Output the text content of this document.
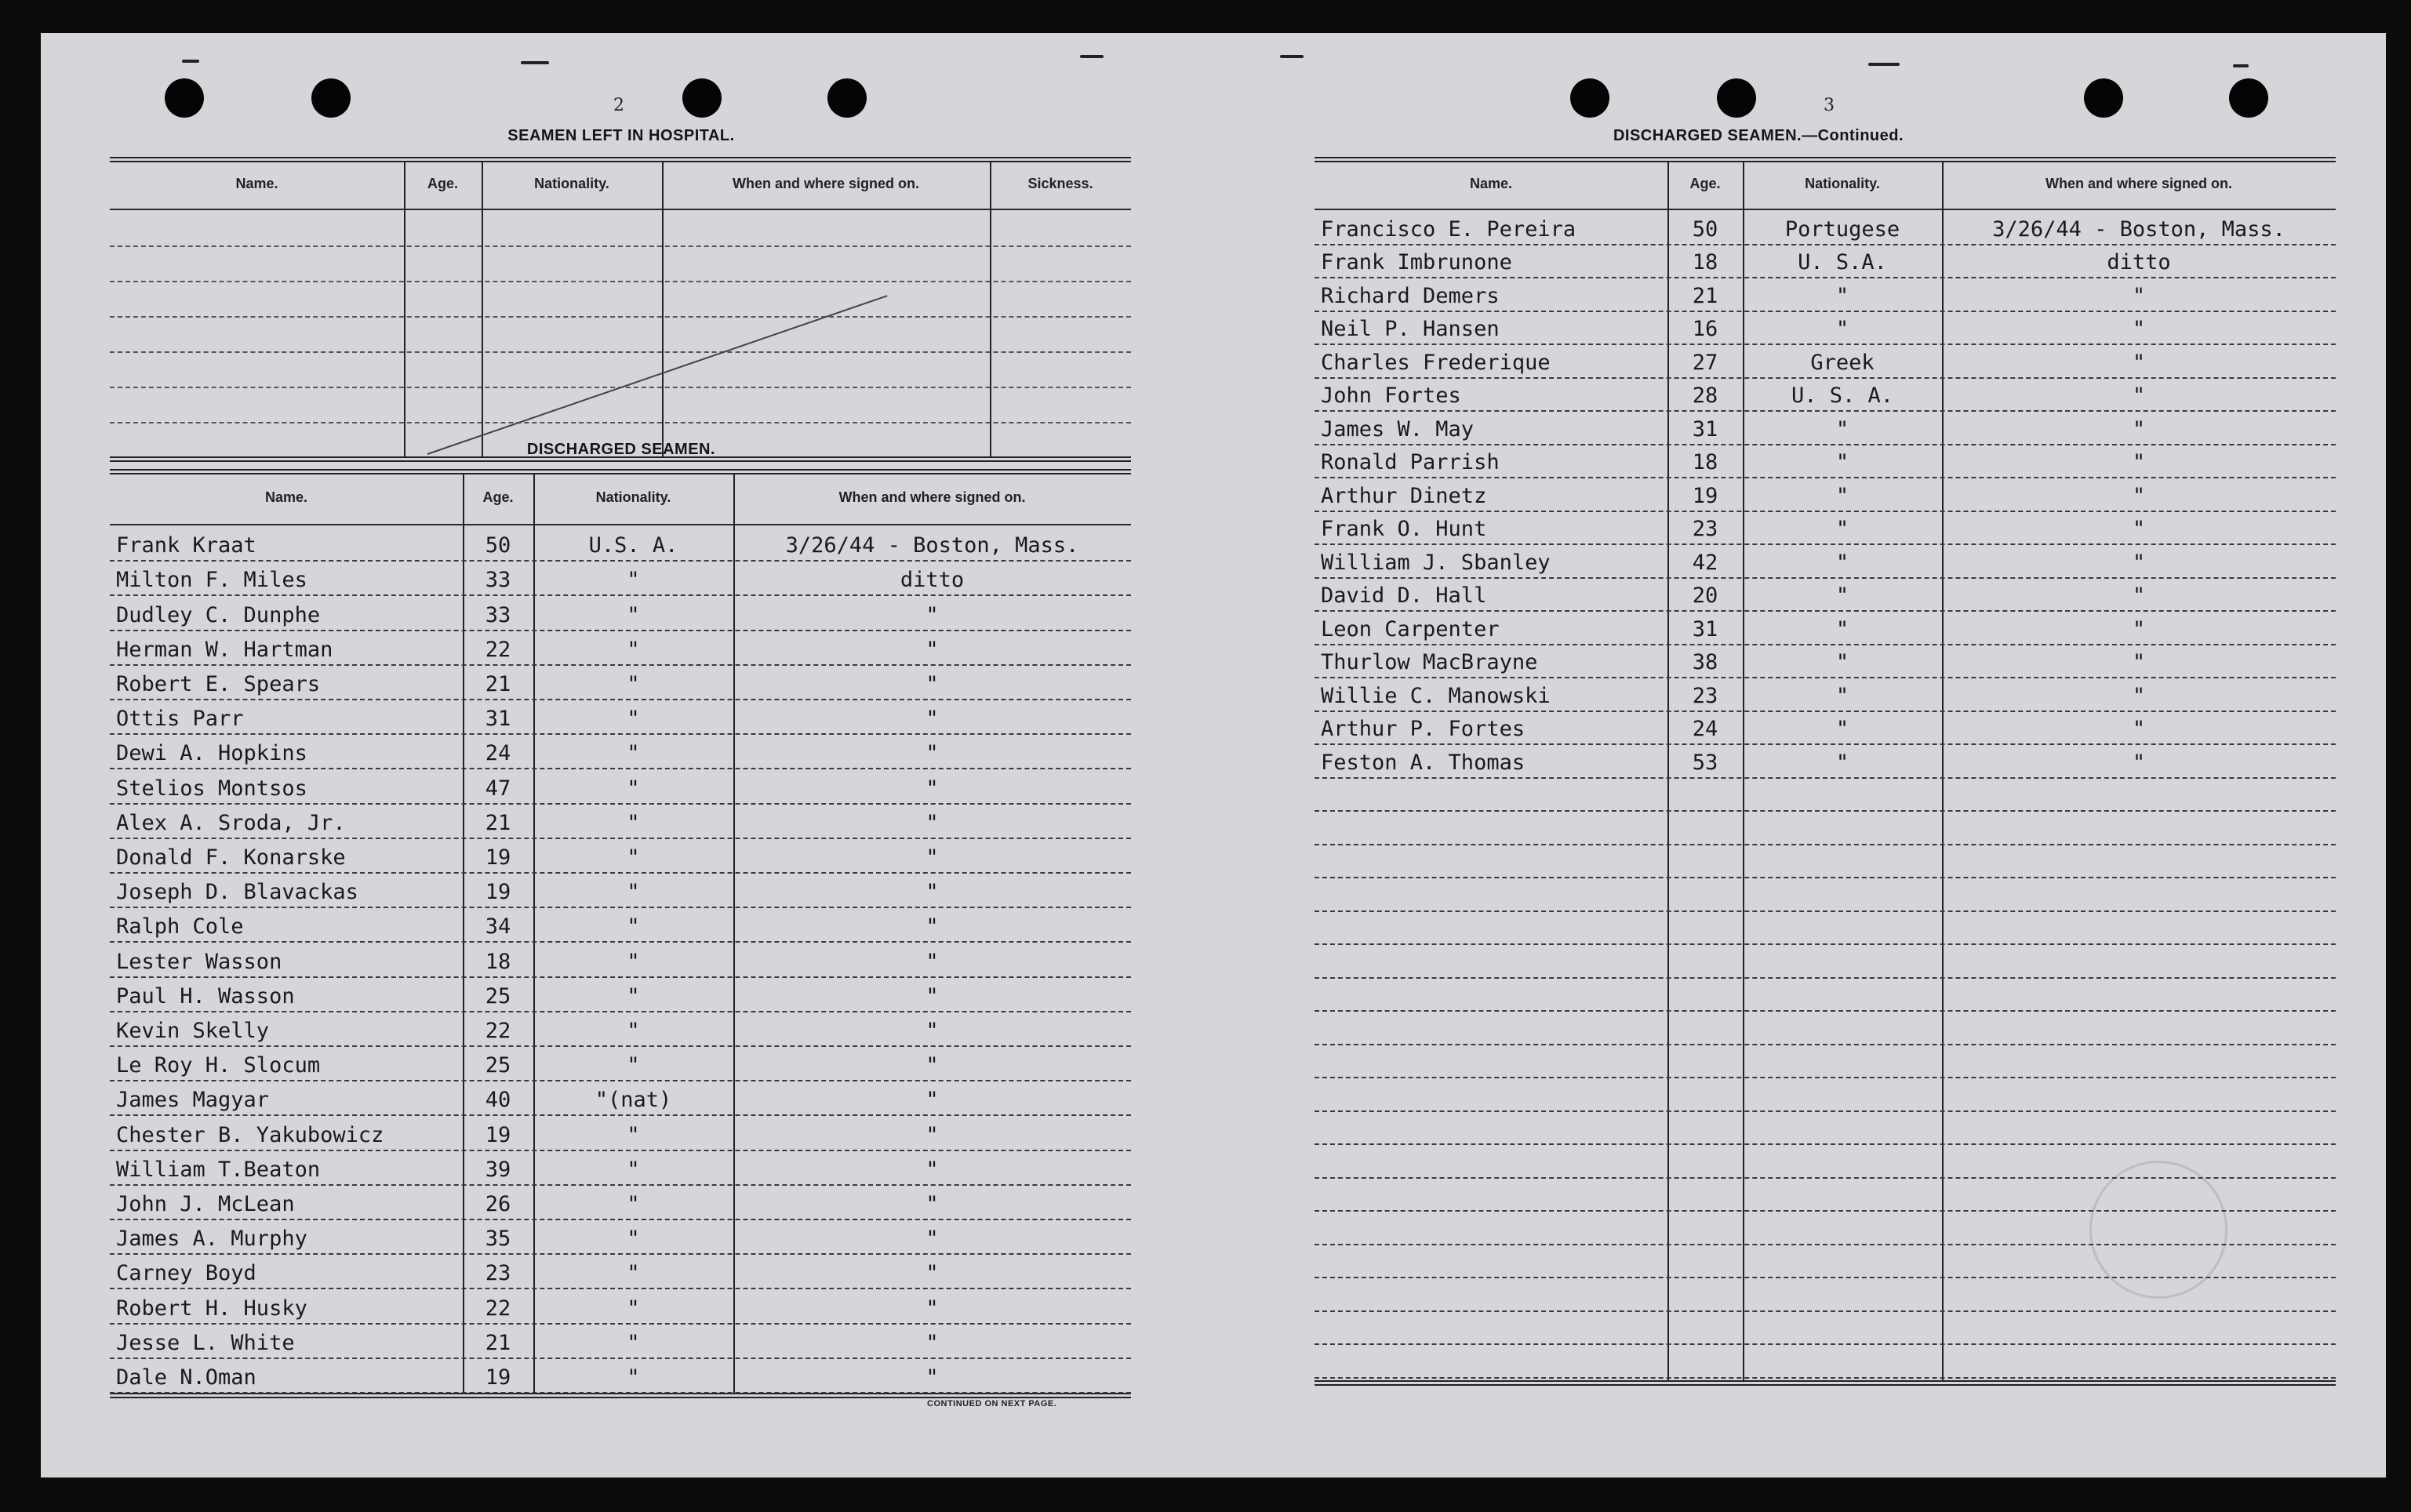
2
SEAMEN LEFT IN HOSPITAL.
Name.	Age.	Nationality.	When and where signed on.	Sickness.
DISCHARGED SEAMEN.
Name.	Age.	Nationality.	When and where signed on.
Frank Kraat	50	U.S. A.	3/26/44 - Boston, Mass.
Milton F. Miles	33	"	ditto
Dudley C. Dunphe	33	"	"
Herman W. Hartman	22	"	"
Robert E. Spears	21	"	"
Ottis Parr	31	"	"
Dewi A. Hopkins	24	"	"
Stelios Montsos	47	"	"
Alex A. Sroda, Jr.	21	"	"
Donald F. Konarske	19	"	"
Joseph D. Blavackas	19	"	"
Ralph Cole	34	"	"
Lester Wasson	18	"	"
Paul H. Wasson	25	"	"
Kevin Skelly	22	"	"
Le Roy H. Slocum	25	"	"
James Magyar	40	"(nat)	"
Chester B. Yakubowicz	19	"	"
William T.Beaton	39	"	"
John J. McLean	26	"	"
James A. Murphy	35	"	"
Carney Boyd	23	"	"
Robert H. Husky	22	"	"
Jesse L. White	21	"	"
Dale N.Oman	19	"	"
CONTINUED ON NEXT PAGE.
3
DISCHARGED SEAMEN.—Continued.
Name.	Age.	Nationality.	When and where signed on.
Francisco E. Pereira	50	Portugese	3/26/44 - Boston, Mass.
Frank Imbrunone	18	U. S.A.	ditto
Richard Demers	21	"	"
Neil P. Hansen	16	"	"
Charles Frederique	27	Greek	"
John Fortes	28	U. S. A.	"
James W. May	31	"	"
Ronald Parrish	18	"	"
Arthur Dinetz	19	"	"
Frank O. Hunt	23	"	"
William J. Sbanley	42	"	"
David D. Hall	20	"	"
Leon Carpenter	31	"	"
Thurlow MacBrayne	38	"	"
Willie C. Manowski	23	"	"
Arthur P. Fortes	24	"	"
Feston A. Thomas	53	"	"
